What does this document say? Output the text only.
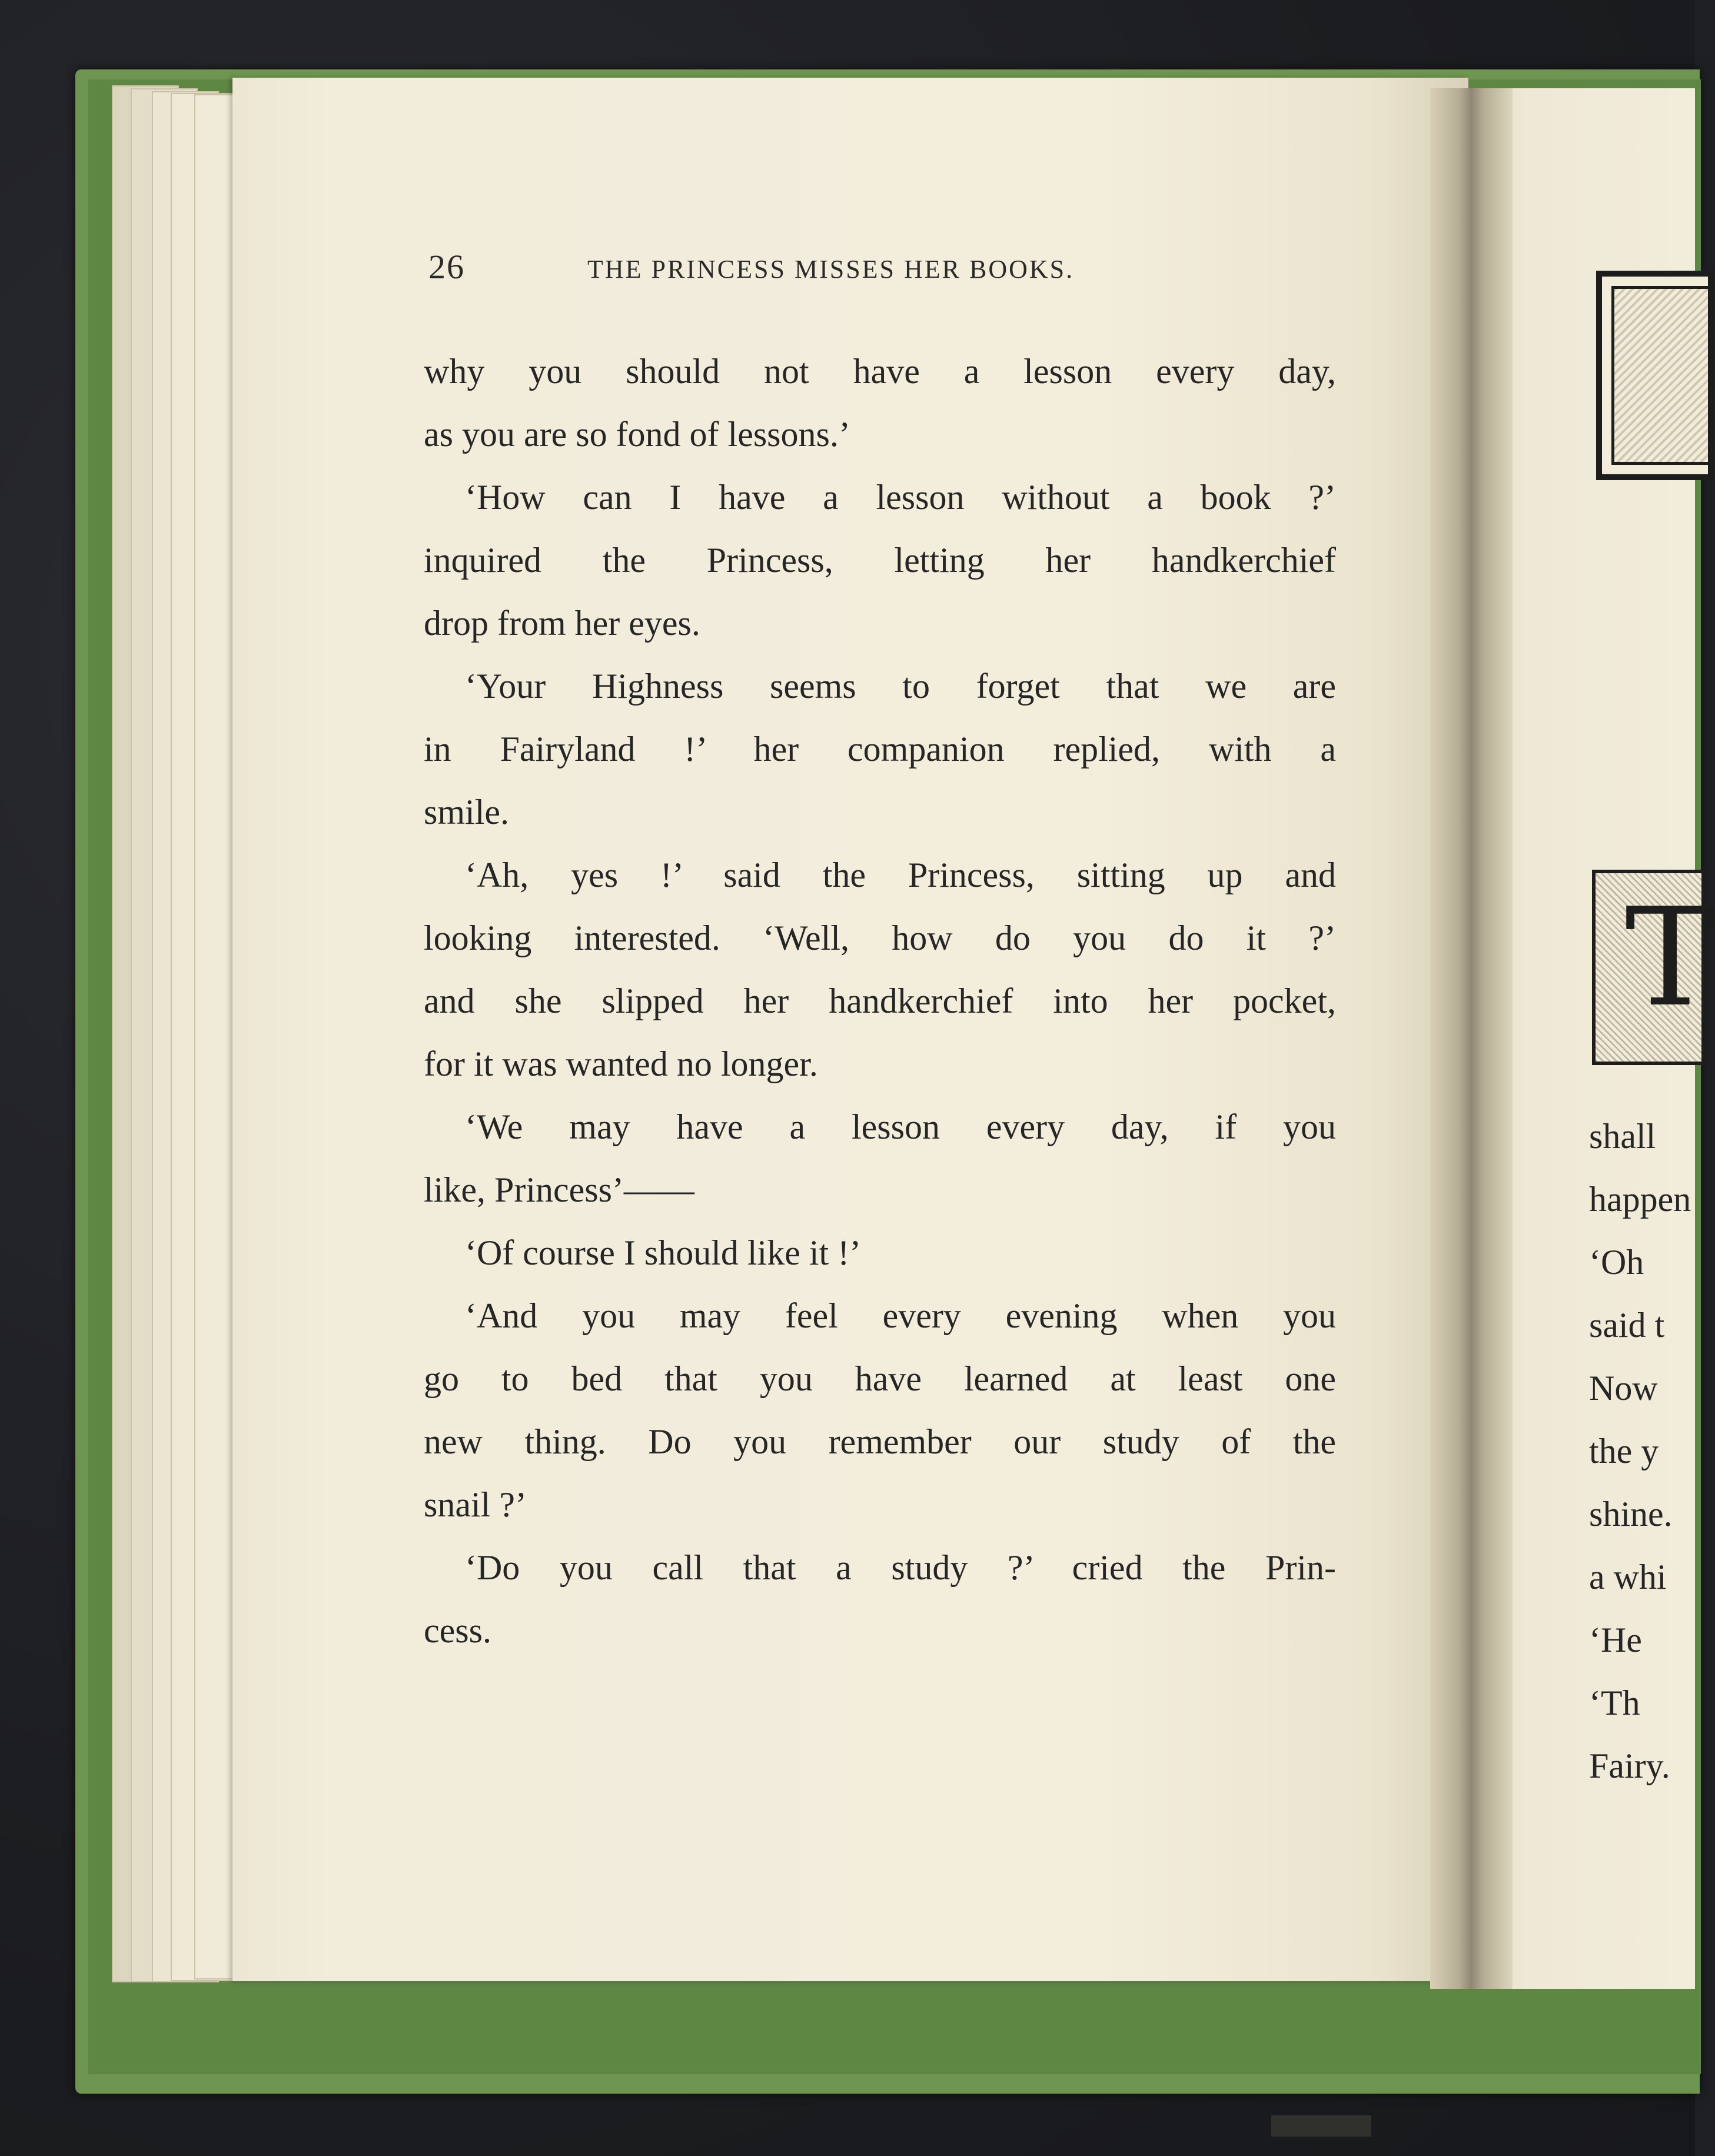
26	THE PRINCESS MISSES HER BOOKS.
why you should not have a lesson every day,
as you are so fond of lessons.’
‘How can I have a lesson without a book ?’
inquired the Princess, letting her handkerchief
drop from her eyes.
‘Your Highness seems to forget that we are
in Fairyland !’ her companion replied, with a
smile.
‘Ah, yes !’ said the Princess, sitting up and
looking interested. ‘Well, how do you do it ?’
and she slipped her handkerchief into her pocket,
for it was wanted no longer.
‘We may have a lesson every day, if you
like, Princess’——
‘Of course I should like it !’
‘And you may feel every evening when you
go to bed that you have learned at least one
new thing. Do you remember our study of the
snail ?’
‘Do you call that a study ?’ cried the Prin-
cess.
T
shall
happen
‘Oh
said t
Now
the y
shine.
a whi
‘He
‘Th
Fairy.
